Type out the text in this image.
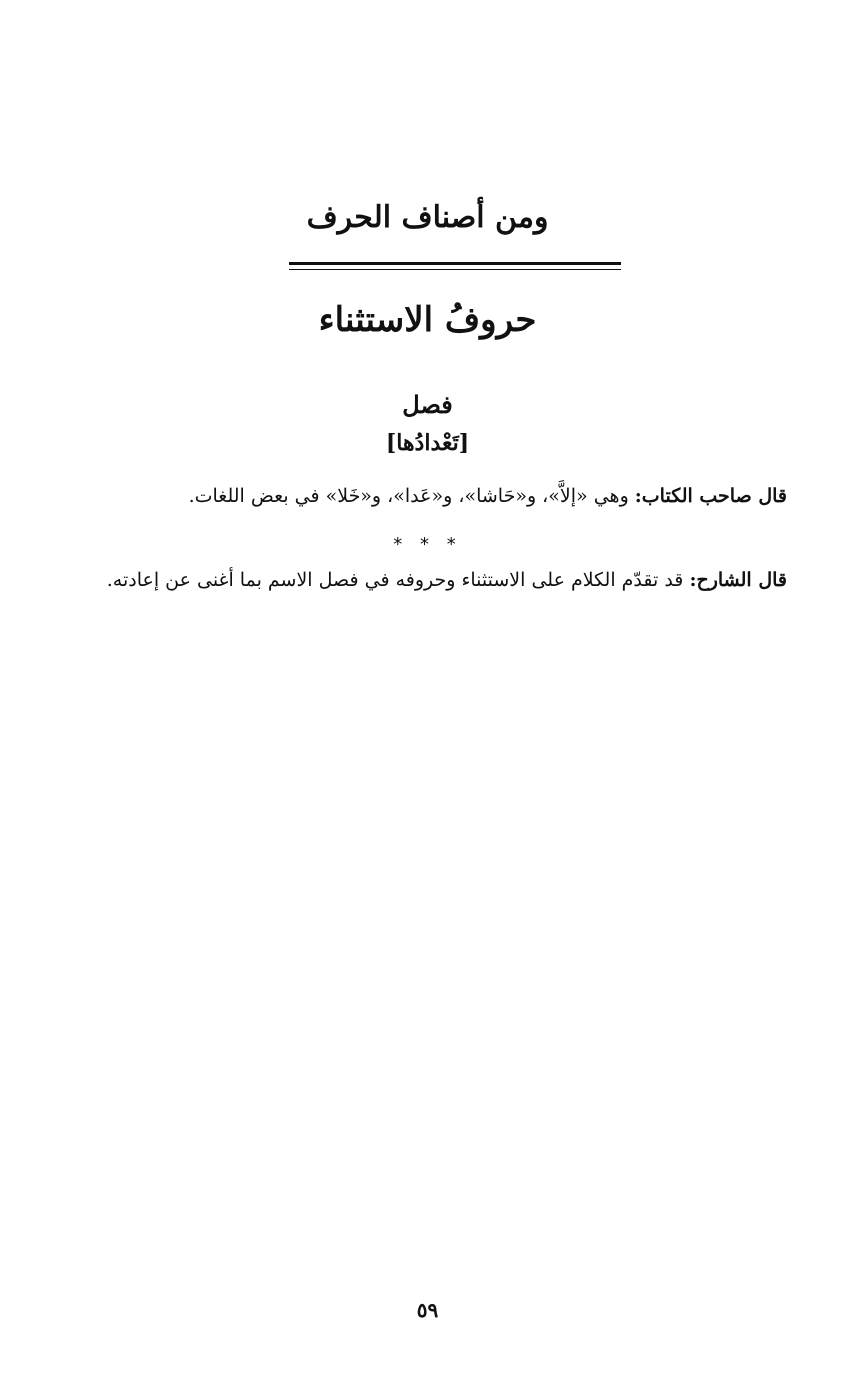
ومن أصناف الحرف
حروفُ الاستثناء
فصل
[تَعْدادُها]

قال صاحب الكتاب: وهي «إلاَّ»، و«حَاشا»، و«عَدا»، و«خَلا» في بعض اللغات.

* * *

قال الشارح: قد تقدّم الكلام على الاستثناء وحروفه في فصل الاسم بما أغنى عن إعادته.

٥٩
